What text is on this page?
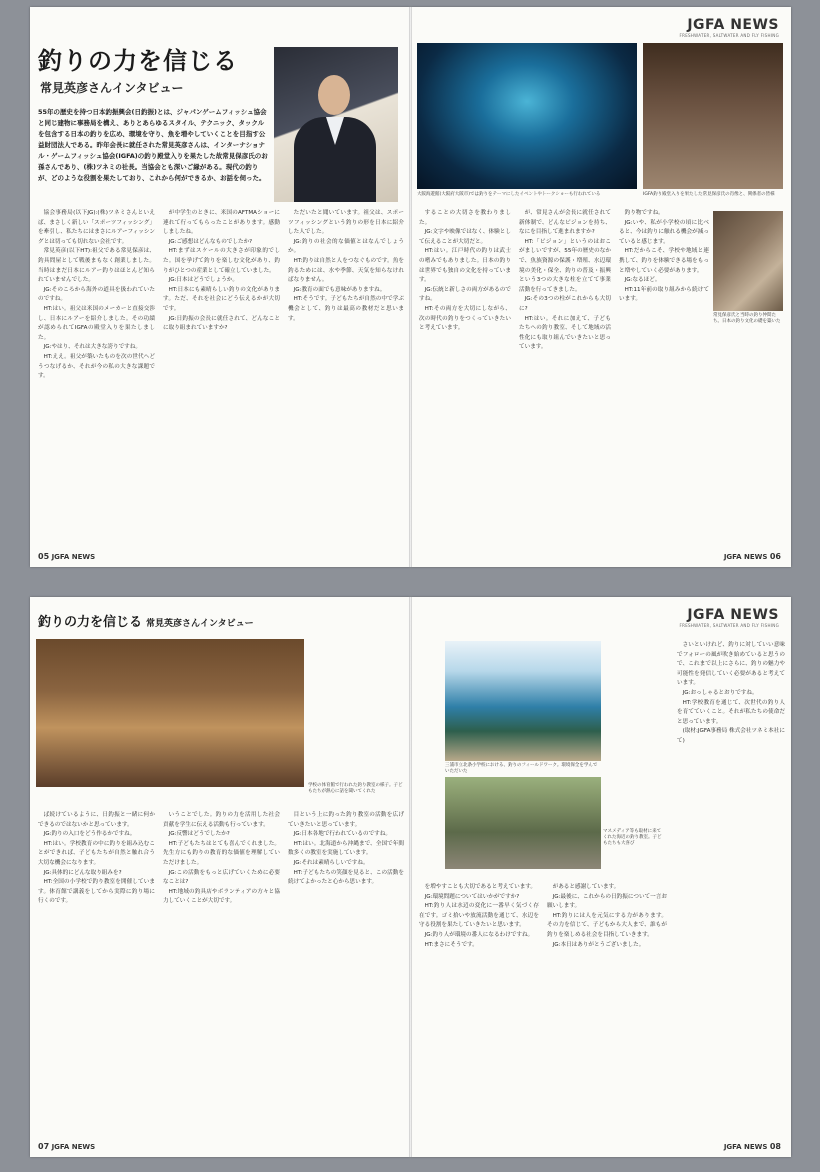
釣りの力を信じる
常見英彦さんインタビュー
55年の歴史を持つ日本釣振興会(日釣振)とは、ジャパンゲームフィッシュ協会と同じ建物に事務局を構え、ありとあらゆるスタイル、テクニック、タックルを包含する日本の釣りを広め、環境を守り、魚を増やしていくことを目指す公益財団法人である。昨年会長に就任された常見英彦さんは、インターナショナル・ゲームフィッシュ協会(IGFA)の釣り殿堂入りを果たした故常見保彦氏のお孫さんであり、(株)ツネミの社長。当協会とも深いご縁がある。現代の釣りが、どのような役割を果たしており、これから何ができるか、お話を伺った。

協会事務局(以下JG):(株)ツネミさんといえば、まさしく新しい「スポーツフィッシング」を牽引し、私たちにはまさにルアーフィッシングとは切っても切れない会社です。

常見英彦(以下HT):祖父である常見保彦は、釣具問屋として戦後まもなく創業しました。当時はまだ日本にルアー釣りはほとんど知られていませんでした。

JG:そのころから海外の道具を扱われていたのですね。

HT:はい。祖父は米国のメーカーと直接交渉し、日本にルアーを紹介しました。その功績が認められてIGFAの殿堂入りを果たしました。

JG:やはり、それは大きな誇りですね。

HT:ええ。祖父が築いたものを次の世代へどうつなげるか、それが今の私の大きな課題です。

が中学生のときに、米国のAFTMAショーに連れて行ってもらったことがあります。感動しましたね。

JG:ご感想はどんなものでしたか?

HT:まずはスケールの大きさが印象的でした。国を挙げて釣りを楽しむ文化があり、釣りがひとつの産業として確立していました。

JG:日本はどうでしょうか。

HT:日本にも素晴らしい釣りの文化があります。ただ、それを社会にどう伝えるかが大切です。

JG:日釣振の会長に就任されて、どんなことに取り組まれていますか?

ただいたと聞いています。祖父は、スポーツフィッシングという釣りの形を日本に紹介した人でした。

JG:釣りの社会的な価値とはなんでしょうか。

HT:釣りは自然と人をつなぐものです。魚を釣るためには、水や季節、天気を知らなければなりません。

JG:教育の面でも意味がありますね。

HT:そうです。子どもたちが自然の中で学ぶ機会として、釣りは最高の教材だと思います。

05 JGFA NEWS
JGFA NEWS
FRESHWATER, SALTWATER AND FLY FISHING
大阪海遊館(大阪府大阪市)では釣りをテーマにしたイベントやトークショーも行われている	IGFA釣り殿堂入りを果たした常見保彦氏の肖像と、関係者の皆様

することの大切さを教わりました。

JG:文字や映像ではなく、体験として伝えることが大切だと。

HT:はい。江戸時代の釣りは武士の嗜みでもありました。日本の釣りは世界でも独自の文化を持っています。

JG:伝統と新しさの両方があるのですね。

HT:その両方を大切にしながら、次の時代の釣りをつくっていきたいと考えています。

が、常見さんが会長に就任されて新体制で、どんなビジョンを持ち、なにを目指して進まれますか?

HT:「ビジョン」というのはおこがましいですが、55年の歴史のなかで、魚族資源の保護・増殖、水辺環境の美化・保全、釣りの普及・振興という3つの大きな柱を立てて事業活動を行ってきました。

JG:その3つの柱がこれからも大切に?

HT:はい。それに加えて、子どもたちへの釣り教室、そして地域の活性化にも取り組んでいきたいと思っています。

釣り物ですね。

JG:いや、私が小学校の頃に比べると、今は釣りに触れる機会が減っていると感じます。

HT:だからこそ、学校や地域と連携して、釣りを体験できる場をもっと増やしていく必要があります。

JG:なるほど。

HT:11年前の取り組みから続けています。

常見保彦氏と当時の釣り仲間たち。日本の釣り文化の礎を築いた
JGFA NEWS 06
釣りの力を信じる 常見英彦さんインタビュー
学校の体育館で行われた釣り教室の様子。子どもたちが熱心に話を聞いてくれた

ば続けているように、日釣振と一緒に何かできるのではないかと思っています。

JG:釣りの入口をどう作るかですね。

HT:はい。学校教育の中に釣りを組み込むことができれば、子どもたちが自然と触れ合う大切な機会になります。

JG:具体的にどんな取り組みを?

HT:全国の小学校で釣り教室を開催しています。体育館で講義をしてから実際に釣り場に行くのです。

いうことでした。釣りの力を活用した社会貢献を学生に伝える活動も行っています。

JG:反響はどうでしたか?

HT:子どもたちはとても喜んでくれました。先生方にも釣りの教育的な価値を理解していただけました。

JG:この活動をもっと広げていくために必要なことは?

HT:地域の釣具店やボランティアの方々と協力していくことが大切です。

目という上に釣った釣り教室の活動を広げていきたいと思っています。

JG:日本各地で行われているのですね。

HT:はい。北海道から沖縄まで、全国で年間数多くの教室を実施しています。

JG:それは素晴らしいですね。

HT:子どもたちの笑顔を見ると、この活動を続けてよかったと心から思います。

07 JGFA NEWS
JGFA NEWS
FRESHWATER, SALTWATER AND FLY FISHING
三浦市立北条小学校における、釣りのフィールドワーク。環境保全を学んでいただいた
マスメディア等も取材に来てくれた海辺の釣り教室。子どもたちも大喜び

を増やすことも大切であると考えています。

JG:環境問題についてはいかがですか?

HT:釣り人は水辺の変化に一番早く気づく存在です。ゴミ拾いや放流活動を通じて、水辺を守る役割を果たしていきたいと思います。

JG:釣り人が環境の番人になるわけですね。

HT:まさにそうです。

があると感謝しています。

JG:最後に、これからの日釣振について一言お願いします。

HT:釣りには人を元気にする力があります。その力を信じて、子どもから大人まで、誰もが釣りを楽しめる社会を目指していきます。

JG:本日はありがとうございました。

さいといけれど、釣りに対していい意味でフォローの風が吹き始めていると思うので、これまで以上にさらに、釣りの魅力や可能性を発信していく必要があると考えています。

JG:おっしゃるとおりですね。

HT:学校教育を通じて、次世代の釣り人を育てていくこと。それが私たちの使命だと思っています。

(取材:JGFA事務局 株式会社ツネミ本社にて)

JGFA NEWS 08
